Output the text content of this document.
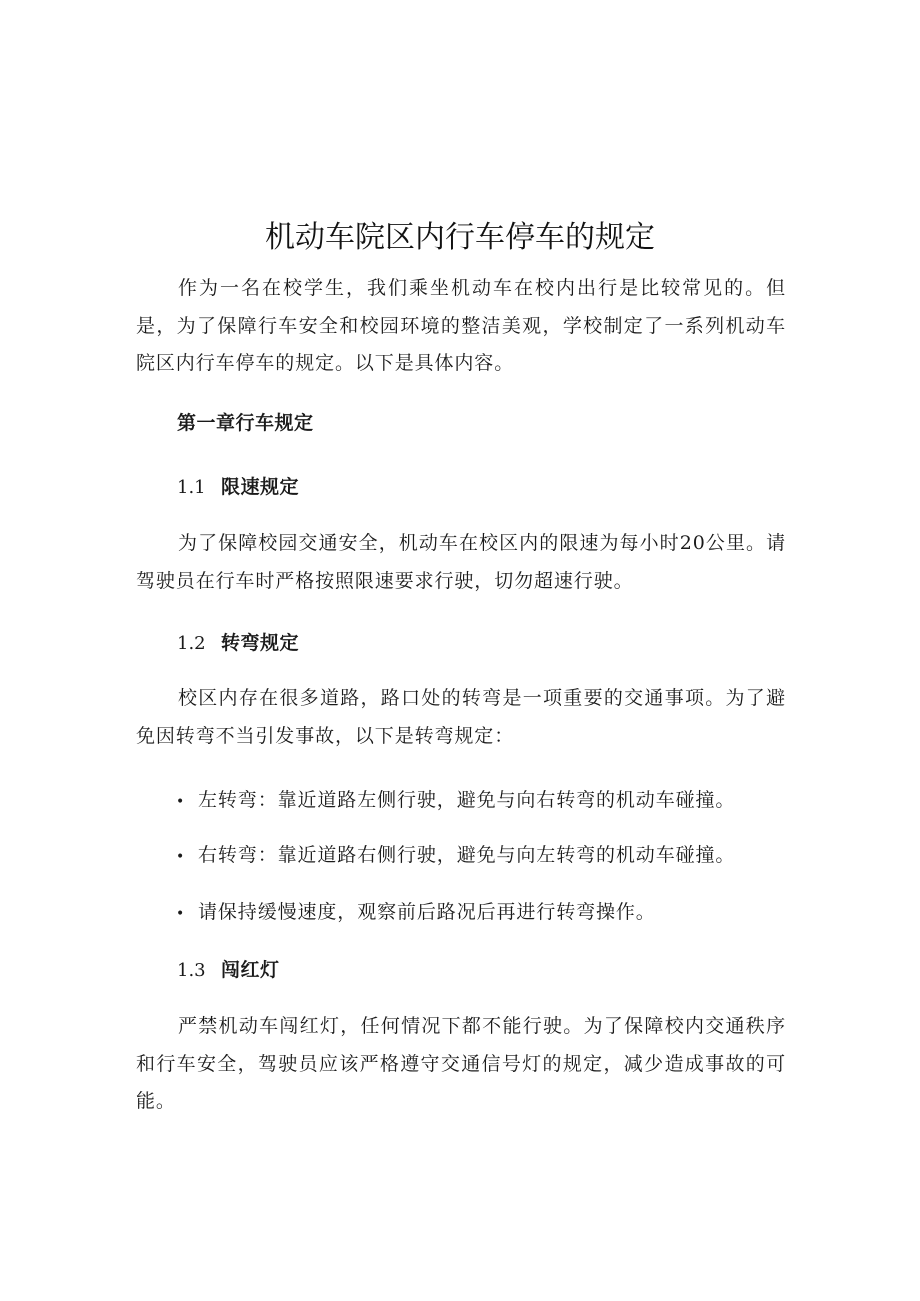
机动车院区内行车停车的规定

作为一名在校学生，我们乘坐机动车在校内出行是比较常见的。但是，为了保障行车安全和校园环境的整洁美观，学校制定了一系列机动车院区内行车停车的规定。以下是具体内容。

第一章行车规定

1.1 限速规定

为了保障校园交通安全，机动车在校区内的限速为每小时20公里。请驾驶员在行车时严格按照限速要求行驶，切勿超速行驶。

1.2 转弯规定

校区内存在很多道路，路口处的转弯是一项重要的交通事项。为了避免因转弯不当引发事故，以下是转弯规定：

• 左转弯：靠近道路左侧行驶，避免与向右转弯的机动车碰撞。
• 右转弯：靠近道路右侧行驶，避免与向左转弯的机动车碰撞。
• 请保持缓慢速度，观察前后路况后再进行转弯操作。
1.3 闯红灯

严禁机动车闯红灯，任何情况下都不能行驶。为了保障校内交通秩序和行车安全，驾驶员应该严格遵守交通信号灯的规定，减少造成事故的可能。
